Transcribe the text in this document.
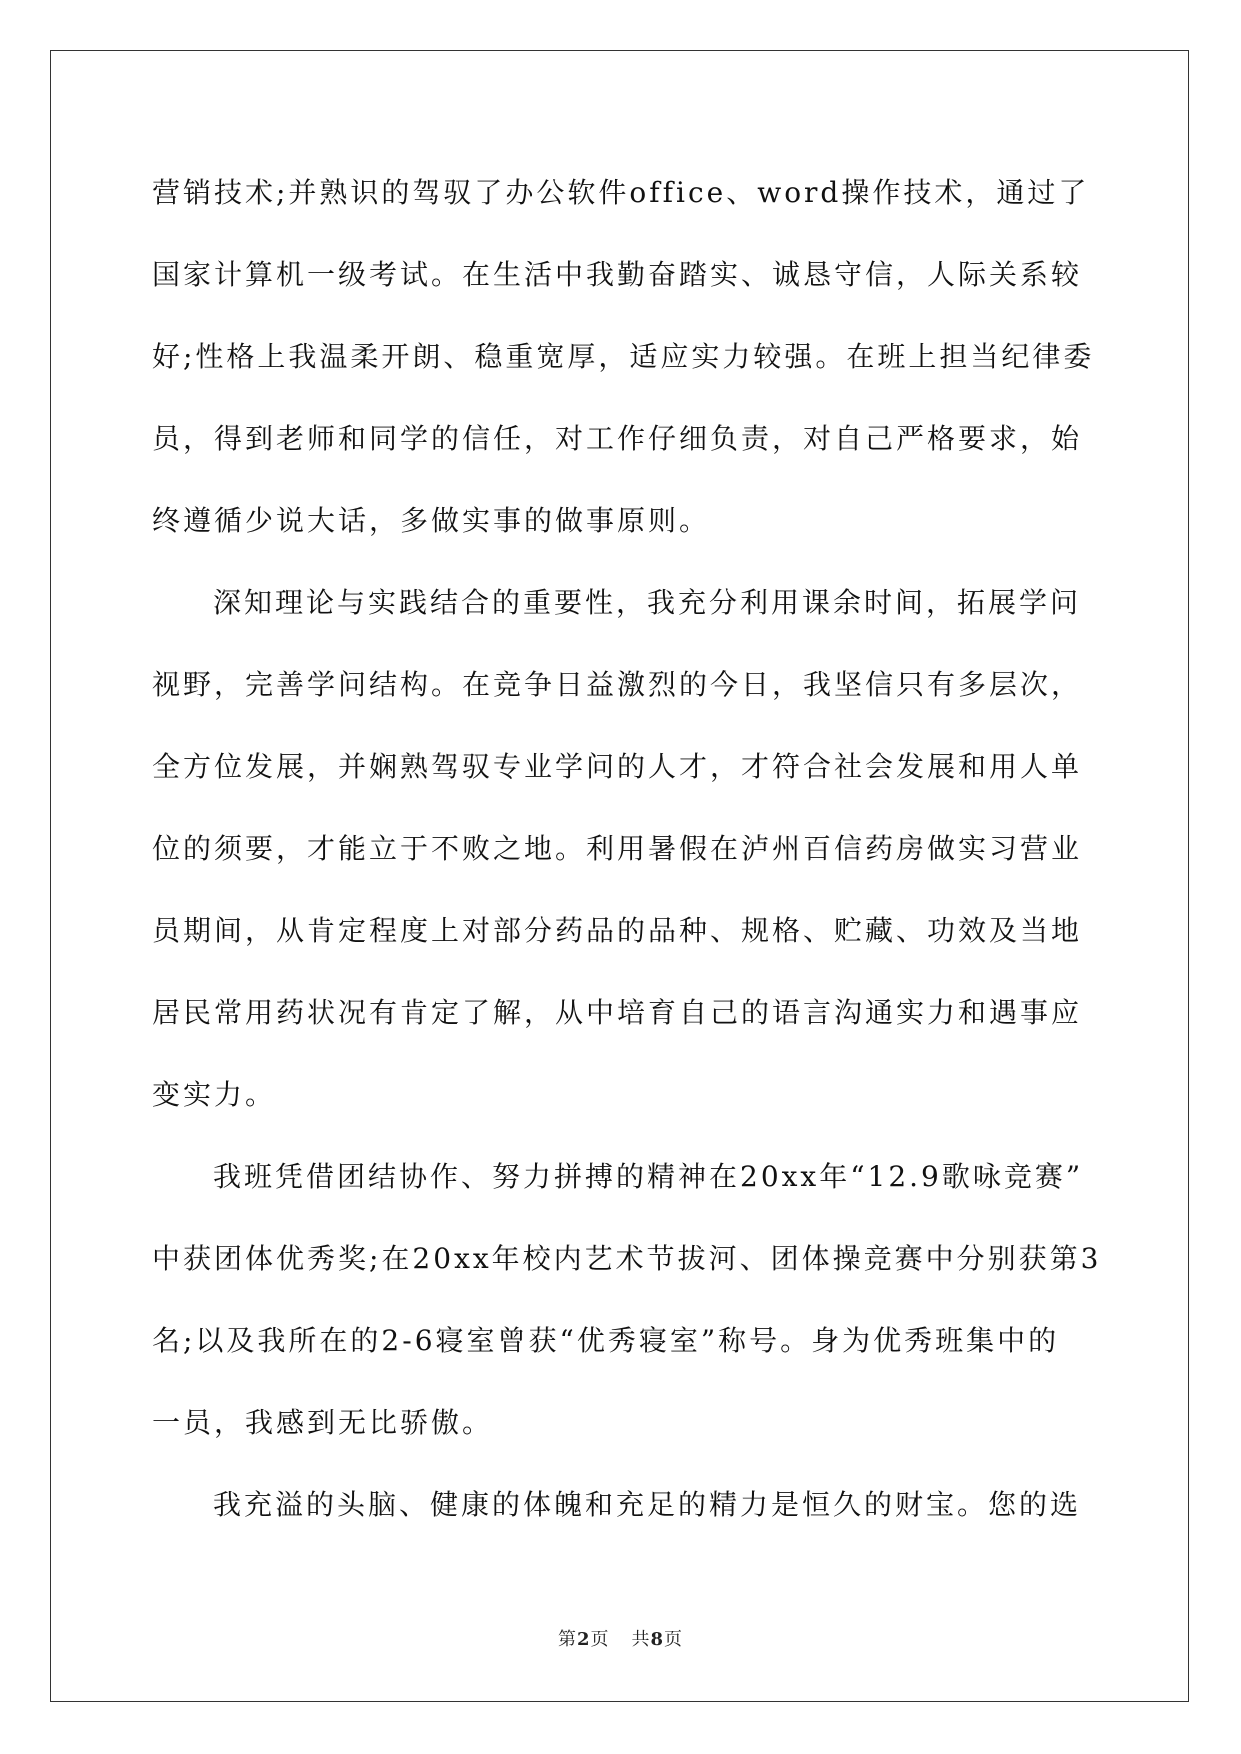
营销技术;并熟识的驾驭了办公软件office、word操作技术，通过了
国家计算机一级考试。在生活中我勤奋踏实、诚恳守信，人际关系较
好;性格上我温柔开朗、稳重宽厚，适应实力较强。在班上担当纪律委
员，得到老师和同学的信任，对工作仔细负责，对自己严格要求，始
终遵循少说大话，多做实事的做事原则。
深知理论与实践结合的重要性，我充分利用课余时间，拓展学问
视野，完善学问结构。在竞争日益激烈的今日，我坚信只有多层次，
全方位发展，并娴熟驾驭专业学问的人才，才符合社会发展和用人单
位的须要，才能立于不败之地。利用暑假在泸州百信药房做实习营业
员期间，从肯定程度上对部分药品的品种、规格、贮藏、功效及当地
居民常用药状况有肯定了解，从中培育自己的语言沟通实力和遇事应
变实力。
我班凭借团结协作、努力拼搏的精神在20xx年“12.9歌咏竞赛”
中获团体优秀奖;在20xx年校内艺术节拔河、团体操竞赛中分别获第3
名;以及我所在的2-6寝室曾获“优秀寝室”称号。身为优秀班集中的
一员，我感到无比骄傲。
我充溢的头脑、健康的体魄和充足的精力是恒久的财宝。您的选
第2页 共8页
